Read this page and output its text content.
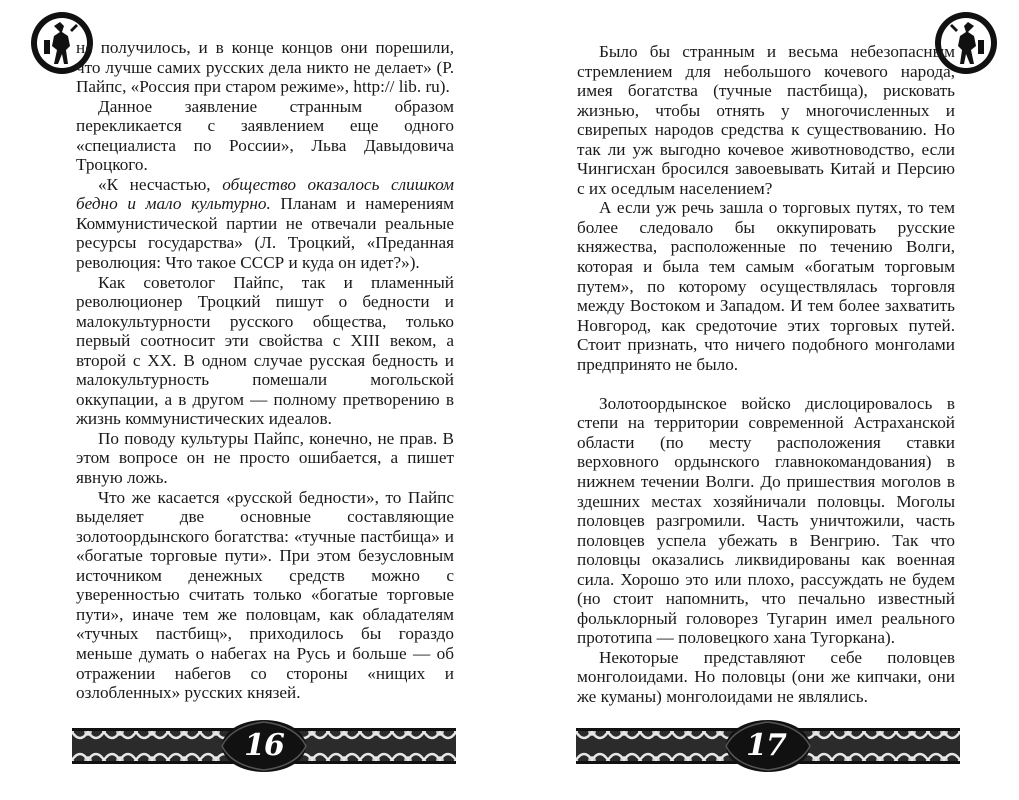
не получилось, и в конце концов они порешили, что лучше самих русских дела никто не делает» (Р. Пайпс, «Россия при старом режиме», http:// lib. ru).

Данное заявление странным образом перекликается с заявлением еще одного «специалиста по России», Льва Давыдовича Троцкого.

«К несчастью, общество оказалось слишком бедно и мало культурно. Планам и намерениям Коммунистической партии не отвечали реальные ресурсы государства» (Л. Троцкий, «Преданная революция: Что такое СССР и куда он идет?»).

Как советолог Пайпс, так и пламенный революционер Троцкий пишут о бедности и малокультурности русского общества, только первый соотносит эти свойства с XIII веком, а второй с XX. В одном случае русская бедность и малокультурность помешали могольской оккупации, а в другом — полному претворению в жизнь коммунистических идеалов.

По поводу культуры Пайпс, конечно, не прав. В этом вопросе он не просто ошибается, а пишет явную ложь.

Что же касается «русской бедности», то Пайпс выделяет две основные составляющие золотоордынского богатства: «тучные пастбища» и «богатые торговые пути». При этом безусловным источником денежных средств можно с уверенностью считать только «богатые торговые пути», иначе тем же половцам, как обладателям «тучных пастбищ», приходилось бы гораздо меньше думать о набегах на Русь и больше — об отражении набегов со стороны «нищих и озлобленных» русских князей.

16

Было бы странным и весьма небезопасным стремлением для небольшого кочевого народа, имея богатства (тучные пастбища), рисковать жизнью, чтобы отнять у многочисленных и свирепых народов средства к существованию. Но так ли уж выгодно кочевое животноводство, если Чингисхан бросился завоевывать Китай и Персию с их оседлым населением?

А если уж речь зашла о торговых путях, то тем более следовало бы оккупировать русские княжества, расположенные по течению Волги, которая и была тем самым «богатым торговым путем», по которому осуществлялась торговля между Востоком и Западом. И тем более захватить Новгород, как средоточие этих торговых путей. Стоит признать, что ничего подобного монголами предпринято не было.

Золотоордынское войско дислоцировалось в степи на территории современной Астраханской области (по месту расположения ставки верховного ордынского главнокомандования) в нижнем течении Волги. До пришествия моголов в здешних местах хозяйничали половцы. Моголы половцев разгромили. Часть уничтожили, часть половцев успела убежать в Венгрию. Так что половцы оказались ликвидированы как военная сила. Хорошо это или плохо, рассуждать не будем (но стоит напомнить, что печально известный фольклорный головорез Тугарин имел реального прототипа — половецкого хана Тугоркана).

Некоторые представляют себе половцев монголоидами. Но половцы (они же кипчаки, они же куманы) монголоидами не являлись.

17
